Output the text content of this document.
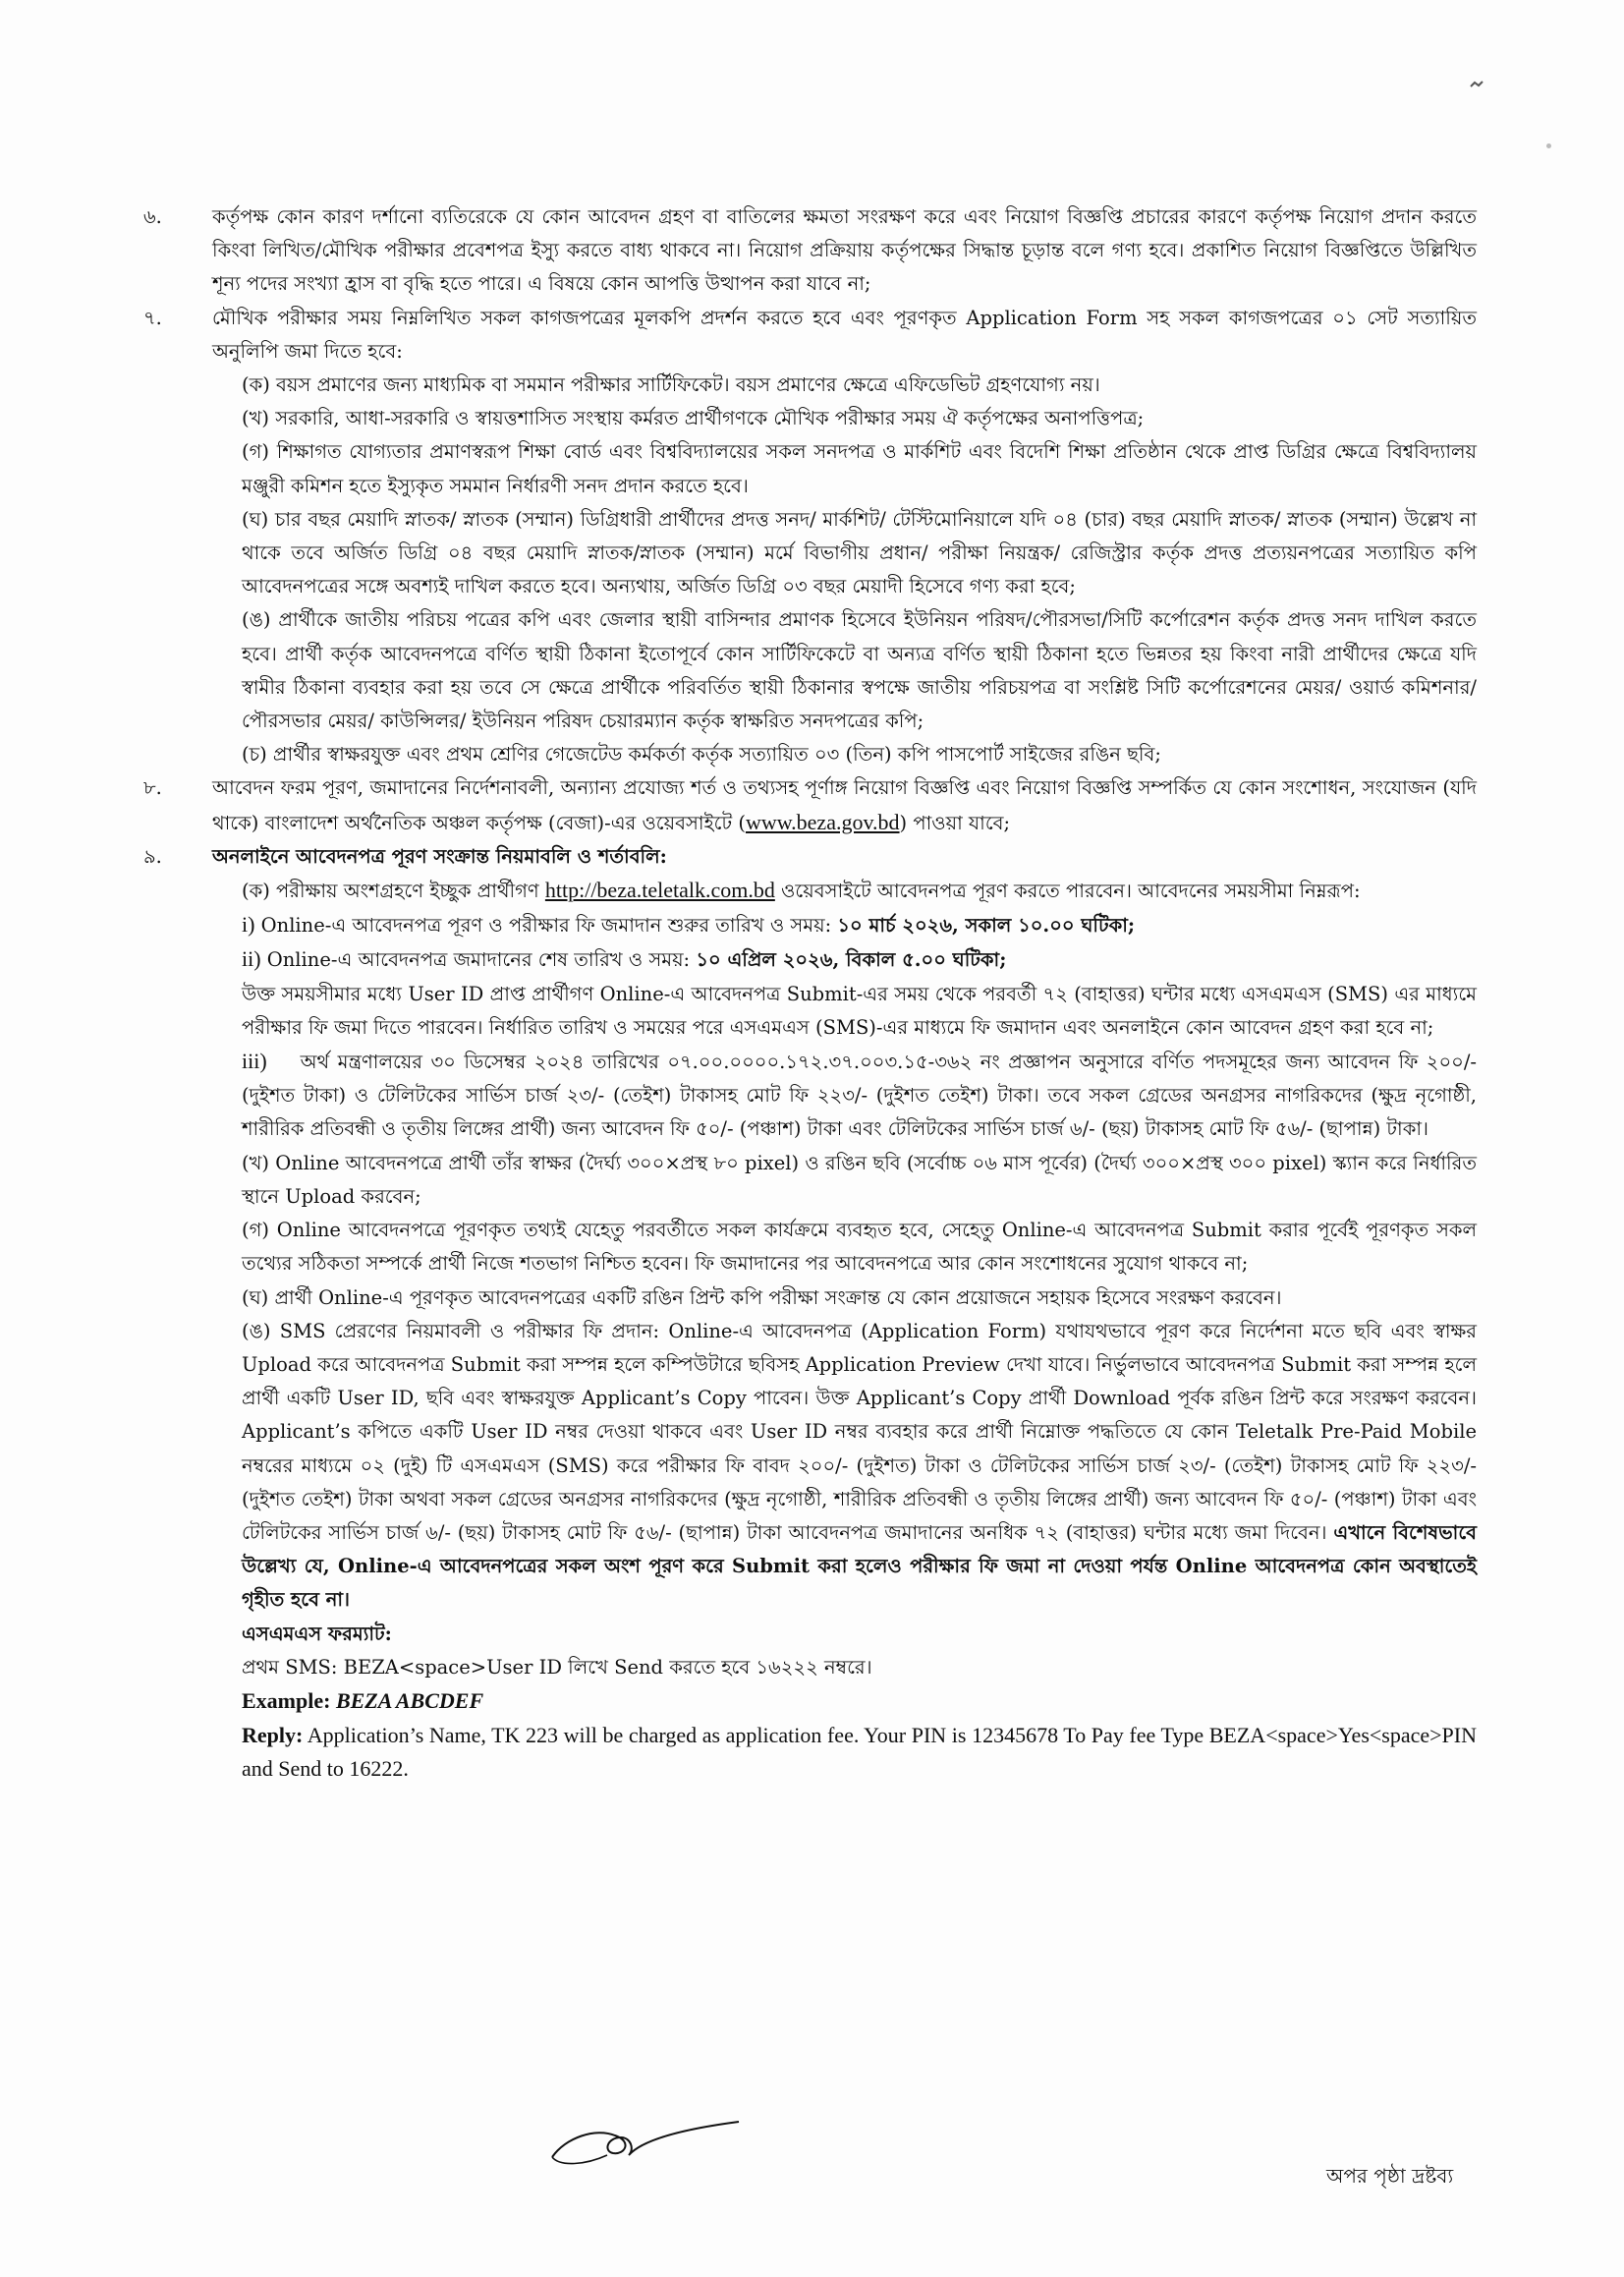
৬.	কর্তৃপক্ষ কোন কারণ দর্শানো ব্যতিরেকে যে কোন আবেদন গ্রহণ বা বাতিলের ক্ষমতা সংরক্ষণ করে এবং নিয়োগ বিজ্ঞপ্তি প্রচারের কারণে কর্তৃপক্ষ নিয়োগ প্রদান করতে কিংবা লিখিত/মৌখিক পরীক্ষার প্রবেশপত্র ইস্যু করতে বাধ্য থাকবে না। নিয়োগ প্রক্রিয়ায় কর্তৃপক্ষের সিদ্ধান্ত চূড়ান্ত বলে গণ্য হবে। প্রকাশিত নিয়োগ বিজ্ঞপ্তিতে উল্লিখিত শূন্য পদের সংখ্যা হ্রাস বা বৃদ্ধি হতে পারে। এ বিষয়ে কোন আপত্তি উত্থাপন করা যাবে না;
৭.	মৌখিক পরীক্ষার সময় নিম্নলিখিত সকল কাগজপত্রের মূলকপি প্রদর্শন করতে হবে এবং পূরণকৃত Application Form সহ সকল কাগজপত্রের ০১ সেট সত্যায়িত অনুলিপি জমা দিতে হবে:
(ক) বয়স প্রমাণের জন্য মাধ্যমিক বা সমমান পরীক্ষার সার্টিফিকেট। বয়স প্রমাণের ক্ষেত্রে এফিডেভিট গ্রহণযোগ্য নয়।
(খ) সরকারি, আধা-সরকারি ও স্বায়ত্তশাসিত সংস্থায় কর্মরত প্রার্থীগণকে মৌখিক পরীক্ষার সময় ঐ কর্তৃপক্ষের অনাপত্তিপত্র;
(গ) শিক্ষাগত যোগ্যতার প্রমাণস্বরূপ শিক্ষা বোর্ড এবং বিশ্ববিদ্যালয়ের সকল সনদপত্র ও মার্কশিট এবং বিদেশি শিক্ষা প্রতিষ্ঠান থেকে প্রাপ্ত ডিগ্রির ক্ষেত্রে বিশ্ববিদ্যালয় মঞ্জুরী কমিশন হতে ইস্যুকৃত সমমান নির্ধারণী সনদ প্রদান করতে হবে।
(ঘ) চার বছর মেয়াদি স্নাতক/ স্নাতক (সম্মান) ডিগ্রিধারী প্রার্থীদের প্রদত্ত সনদ/ মার্কশিট/ টেস্টিমোনিয়ালে যদি ০৪ (চার) বছর মেয়াদি স্নাতক/ স্নাতক (সম্মান) উল্লেখ না থাকে তবে অর্জিত ডিগ্রি ০৪ বছর মেয়াদি স্নাতক/স্নাতক (সম্মান) মর্মে বিভাগীয় প্রধান/ পরীক্ষা নিয়ন্ত্রক/ রেজিস্ট্রার কর্তৃক প্রদত্ত প্রত্যয়নপত্রের সত্যায়িত কপি আবেদনপত্রের সঙ্গে অবশ্যই দাখিল করতে হবে। অন্যথায়, অর্জিত ডিগ্রি ০৩ বছর মেয়াদী হিসেবে গণ্য করা হবে;
(ঙ) প্রার্থীকে জাতীয় পরিচয় পত্রের কপি এবং জেলার স্থায়ী বাসিন্দার প্রমাণক হিসেবে ইউনিয়ন পরিষদ/পৌরসভা/সিটি কর্পোরেশন কর্তৃক প্রদত্ত সনদ দাখিল করতে হবে। প্রার্থী কর্তৃক আবেদনপত্রে বর্ণিত স্থায়ী ঠিকানা ইতোপূর্বে কোন সার্টিফিকেটে বা অন্যত্র বর্ণিত স্থায়ী ঠিকানা হতে ভিন্নতর হয় কিংবা নারী প্রার্থীদের ক্ষেত্রে যদি স্বামীর ঠিকানা ব্যবহার করা হয় তবে সে ক্ষেত্রে প্রার্থীকে পরিবর্তিত স্থায়ী ঠিকানার স্বপক্ষে জাতীয় পরিচয়পত্র বা সংশ্লিষ্ট সিটি কর্পোরেশনের মেয়র/ ওয়ার্ড কমিশনার/ পৌরসভার মেয়র/ কাউন্সিলর/ ইউনিয়ন পরিষদ চেয়ারম্যান কর্তৃক স্বাক্ষরিত সনদপত্রের কপি;
(চ) প্রার্থীর স্বাক্ষরযুক্ত এবং প্রথম শ্রেণির গেজেটেড কর্মকর্তা কর্তৃক সত্যায়িত ০৩ (তিন) কপি পাসপোর্ট সাইজের রঙিন ছবি;
৮.	আবেদন ফরম পূরণ, জমাদানের নির্দেশনাবলী, অন্যান্য প্রযোজ্য শর্ত ও তথ্যসহ পূর্ণাঙ্গ নিয়োগ বিজ্ঞপ্তি এবং নিয়োগ বিজ্ঞপ্তি সম্পর্কিত যে কোন সংশোধন, সংযোজন (যদি থাকে) বাংলাদেশ অর্থনৈতিক অঞ্চল কর্তৃপক্ষ (বেজা)-এর ওয়েবসাইটে (www.beza.gov.bd) পাওয়া যাবে;
৯.	অনলাইনে আবেদনপত্র পূরণ সংক্রান্ত নিয়মাবলি ও শর্তাবলি:
(ক) পরীক্ষায় অংশগ্রহণে ইচ্ছুক প্রার্থীগণ http://beza.teletalk.com.bd ওয়েবসাইটে আবেদনপত্র পূরণ করতে পারবেন। আবেদনের সময়সীমা নিম্নরূপ:
i) Online-এ আবেদনপত্র পূরণ ও পরীক্ষার ফি জমাদান শুরুর তারিখ ও সময়: ১০ মার্চ ২০২৬, সকাল ১০.০০ ঘটিকা;
ii) Online-এ আবেদনপত্র জমাদানের শেষ তারিখ ও সময়: ১০ এপ্রিল ২০২৬, বিকাল ৫.০০ ঘটিকা;
উক্ত সময়সীমার মধ্যে User ID প্রাপ্ত প্রার্থীগণ Online-এ আবেদনপত্র Submit-এর সময় থেকে পরবর্তী ৭২ (বাহাত্তর) ঘন্টার মধ্যে এসএমএস (SMS) এর মাধ্যমে পরীক্ষার ফি জমা দিতে পারবেন। নির্ধারিত তারিখ ও সময়ের পরে এসএমএস (SMS)-এর মাধ্যমে ফি জমাদান এবং অনলাইনে কোন আবেদন গ্রহণ করা হবে না;
iii) অর্থ মন্ত্রণালয়ের ৩০ ডিসেম্বর ২০২৪ তারিখের ০৭.০০.০০০০.১৭২.৩৭.০০৩.১৫-৩৬২ নং প্রজ্ঞাপন অনুসারে বর্ণিত পদসমূহের জন্য আবেদন ফি ২০০/- (দুইশত টাকা) ও টেলিটকের সার্ভিস চার্জ ২৩/- (তেইশ) টাকাসহ মোট ফি ২২৩/- (দুইশত তেইশ) টাকা। তবে সকল গ্রেডের অনগ্রসর নাগরিকদের (ক্ষুদ্র নৃগোষ্ঠী, শারীরিক প্রতিবন্ধী ও তৃতীয় লিঙ্গের প্রার্থী) জন্য আবেদন ফি ৫০/- (পঞ্চাশ) টাকা এবং টেলিটকের সার্ভিস চার্জ ৬/- (ছয়) টাকাসহ মোট ফি ৫৬/- (ছাপান্ন) টাকা।
(খ) Online আবেদনপত্রে প্রার্থী তাঁর স্বাক্ষর (দৈর্ঘ্য ৩০০×প্রস্থ ৮০ pixel) ও রঙিন ছবি (সর্বোচ্চ ০৬ মাস পূর্বের) (দৈর্ঘ্য ৩০০×প্রস্থ ৩০০ pixel) স্ক্যান করে নির্ধারিত স্থানে Upload করবেন;
(গ) Online আবেদনপত্রে পূরণকৃত তথ্যই যেহেতু পরবর্তীতে সকল কার্যক্রমে ব্যবহৃত হবে, সেহেতু Online-এ আবেদনপত্র Submit করার পূর্বেই পূরণকৃত সকল তথ্যের সঠিকতা সম্পর্কে প্রার্থী নিজে শতভাগ নিশ্চিত হবেন। ফি জমাদানের পর আবেদনপত্রে আর কোন সংশোধনের সুযোগ থাকবে না;
(ঘ) প্রার্থী Online-এ পূরণকৃত আবেদনপত্রের একটি রঙিন প্রিন্ট কপি পরীক্ষা সংক্রান্ত যে কোন প্রয়োজনে সহায়ক হিসেবে সংরক্ষণ করবেন।
(ঙ) SMS প্রেরণের নিয়মাবলী ও পরীক্ষার ফি প্রদান: Online-এ আবেদনপত্র (Application Form) যথাযথভাবে পূরণ করে নির্দেশনা মতে ছবি এবং স্বাক্ষর Upload করে আবেদনপত্র Submit করা সম্পন্ন হলে কম্পিউটারে ছবিসহ Application Preview দেখা যাবে। নির্ভুলভাবে আবেদনপত্র Submit করা সম্পন্ন হলে প্রার্থী একটি User ID, ছবি এবং স্বাক্ষরযুক্ত Applicant’s Copy পাবেন। উক্ত Applicant’s Copy প্রার্থী Download পূর্বক রঙিন প্রিন্ট করে সংরক্ষণ করবেন। Applicant’s কপিতে একটি User ID নম্বর দেওয়া থাকবে এবং User ID নম্বর ব্যবহার করে প্রার্থী নিম্নোক্ত পদ্ধতিতে যে কোন Teletalk Pre-Paid Mobile নম্বরের মাধ্যমে ০২ (দুই) টি এসএমএস (SMS) করে পরীক্ষার ফি বাবদ ২০০/- (দুইশত) টাকা ও টেলিটকের সার্ভিস চার্জ ২৩/- (তেইশ) টাকাসহ মোট ফি ২২৩/- (দুইশত তেইশ) টাকা অথবা সকল গ্রেডের অনগ্রসর নাগরিকদের (ক্ষুদ্র নৃগোষ্ঠী, শারীরিক প্রতিবন্ধী ও তৃতীয় লিঙ্গের প্রার্থী) জন্য আবেদন ফি ৫০/- (পঞ্চাশ) টাকা এবং টেলিটকের সার্ভিস চার্জ ৬/- (ছয়) টাকাসহ মোট ফি ৫৬/- (ছাপান্ন) টাকা আবেদনপত্র জমাদানের অনধিক ৭২ (বাহাত্তর) ঘন্টার মধ্যে জমা দিবেন। এখানে বিশেষভাবে উল্লেখ্য যে, Online-এ আবেদনপত্রের সকল অংশ পূরণ করে Submit করা হলেও পরীক্ষার ফি জমা না দেওয়া পর্যন্ত Online আবেদনপত্র কোন অবস্থাতেই গৃহীত হবে না।
এসএমএস ফরম্যাট:
প্রথম SMS: BEZA<space>User ID লিখে Send করতে হবে ১৬২২২ নম্বরে।
Example: BEZA ABCDEF
Reply: Application’s Name, TK 223 will be charged as application fee. Your PIN is 12345678 To Pay fee Type BEZA<space>Yes<space>PIN and Send to 16222.
অপর পৃষ্ঠা দ্রষ্টব্য
